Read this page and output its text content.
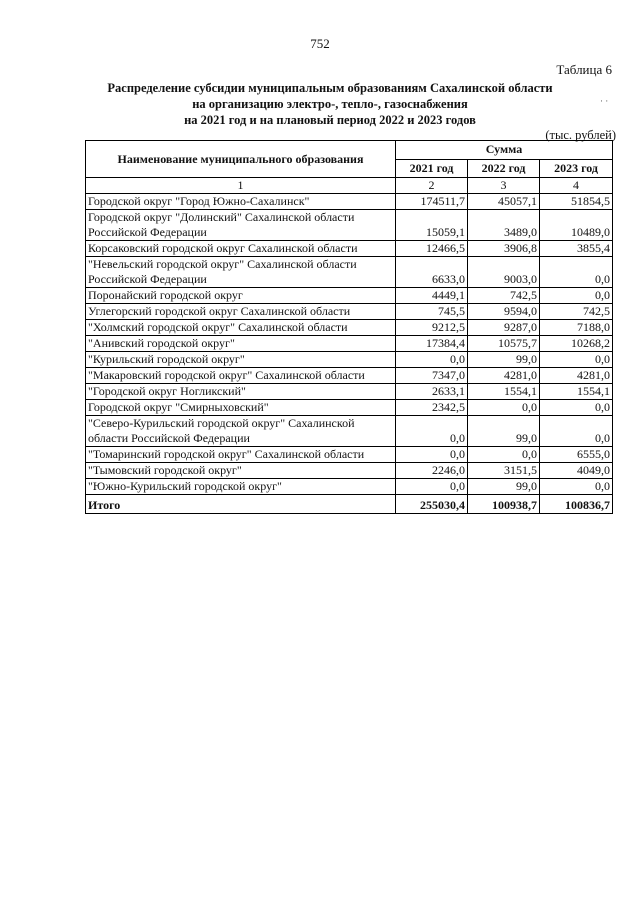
752
Таблица 6
Распределение субсидии муниципальным образованиям Сахалинской области
на организацию электро-, тепло-, газоснабжения
на 2021 год и на плановый период 2022 и 2023 годов
· ·
(тыс. рублей)
Наименование муниципального образования	Сумма		
	2021 год	2022 год	2023 год
1	2	3	4
Городской округ "Город Южно-Сахалинск"	174511,7	45057,1	51854,5
Городской округ "Долинский" Сахалинской области Российской Федерации	15059,1	3489,0	10489,0
Корсаковский городской округ Сахалинской области	12466,5	3906,8	3855,4
"Невельский городской округ" Сахалинской области Российской Федерации	6633,0	9003,0	0,0
Поронайский городской округ	4449,1	742,5	0,0
Углегорский городской округ Сахалинской области	745,5	9594,0	742,5
"Холмский городской округ" Сахалинской области	9212,5	9287,0	7188,0
"Анивский городской округ"	17384,4	10575,7	10268,2
"Курильский городской округ"	0,0	99,0	0,0
"Макаровский городской округ" Сахалинской области	7347,0	4281,0	4281,0
"Городской округ Ногликский"	2633,1	1554,1	1554,1
Городской округ "Смирныховский"	2342,5	0,0	0,0
"Северо-Курильский городской округ" Сахалинской области Российской Федерации	0,0	99,0	0,0
"Томаринский городской округ" Сахалинской области	0,0	0,0	6555,0
"Тымовский городской округ"	2246,0	3151,5	4049,0
"Южно-Курильский городской округ"	0,0	99,0	0,0
Итого	255030,4	100938,7	100836,7
